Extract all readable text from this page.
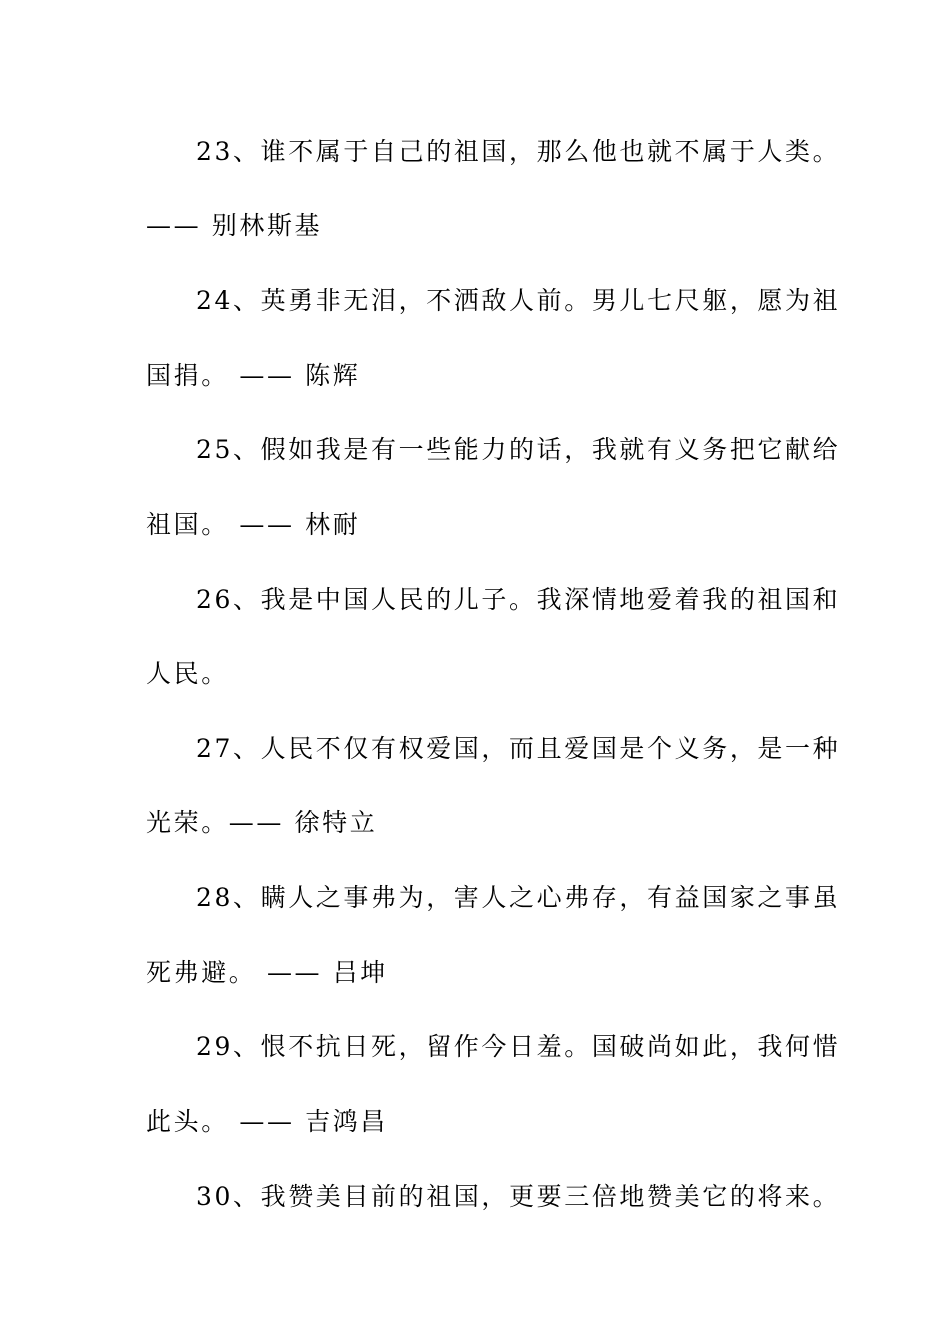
23、谁不属于自己的祖国，那么他也就不属于人类。
—— 别林斯基
24、英勇非无泪，不洒敌人前。男儿七尺躯，愿为祖
国捐。 —— 陈辉
25、假如我是有一些能力的话，我就有义务把它献给
祖国。 —— 林耐
26、我是中国人民的儿子。我深情地爱着我的祖国和
人民。
27、人民不仅有权爱国，而且爱国是个义务，是一种
光荣。—— 徐特立
28、瞒人之事弗为，害人之心弗存，有益国家之事虽
死弗避。 —— 吕坤
29、恨不抗日死，留作今日羞。国破尚如此，我何惜
此头。 —— 吉鸿昌
30、我赞美目前的祖国，更要三倍地赞美它的将来。
